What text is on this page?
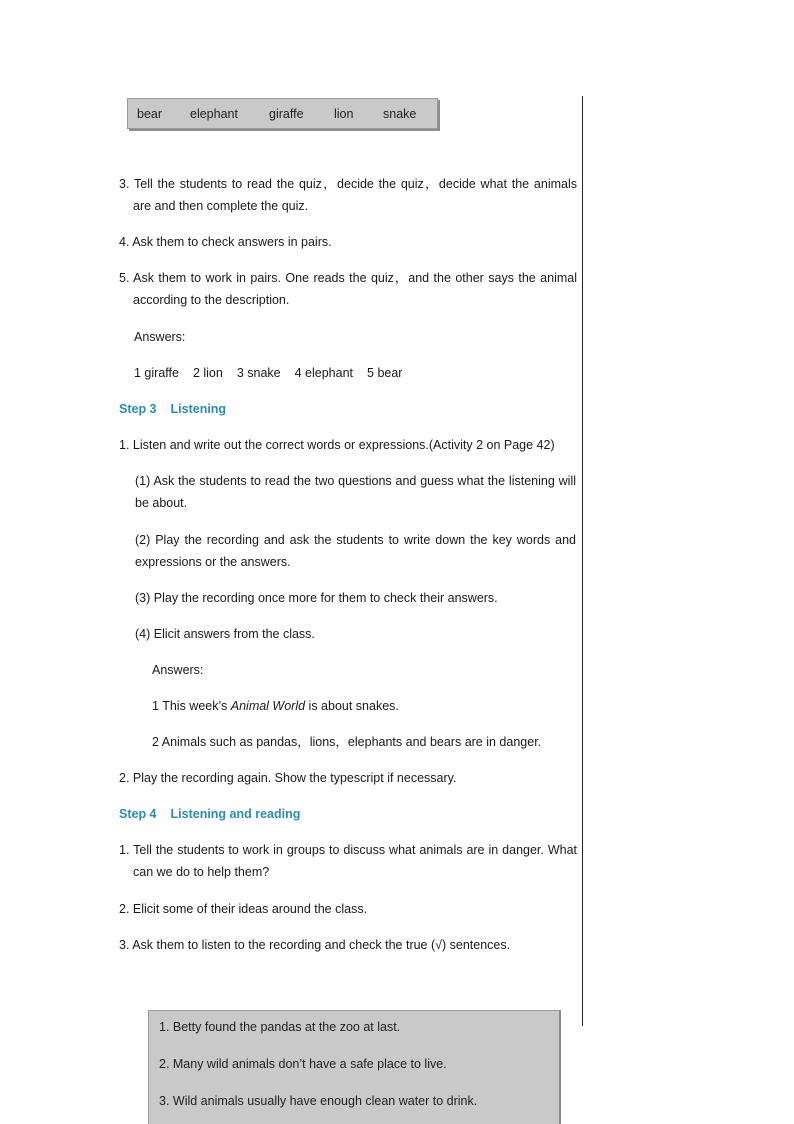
bear elephant giraffe lion snake
3. Tell the students to read the quiz，decide the quiz，decide what the animals are and then complete the quiz.
4. Ask them to check answers in pairs.
5. Ask them to work in pairs. One reads the quiz，and the other says the animal according to the description.
Answers:
1 giraffe 2 lion 3 snake 4 elephant 5 bear
Step 3 Listening
1. Listen and write out the correct words or expressions.(Activity 2 on Page 42)
(1) Ask the students to read the two questions and guess what the listening will be about.
(2) Play the recording and ask the students to write down the key words and expressions or the answers.
(3) Play the recording once more for them to check their answers.
(4) Elicit answers from the class.
Answers:
1 This week’s Animal World is about snakes.
2 Animals such as pandas，lions，elephants and bears are in danger.
2. Play the recording again. Show the typescript if necessary.
Step 4 Listening and reading
1. Tell the students to work in groups to discuss what animals are in danger. What can we do to help them?
2. Elicit some of their ideas around the class.
3. Ask them to listen to the recording and check the true (√) sentences.
1. Betty found the pandas at the zoo at last.
2. Many wild animals don’t have a safe place to live.
3. Wild animals usually have enough clean water to drink.
